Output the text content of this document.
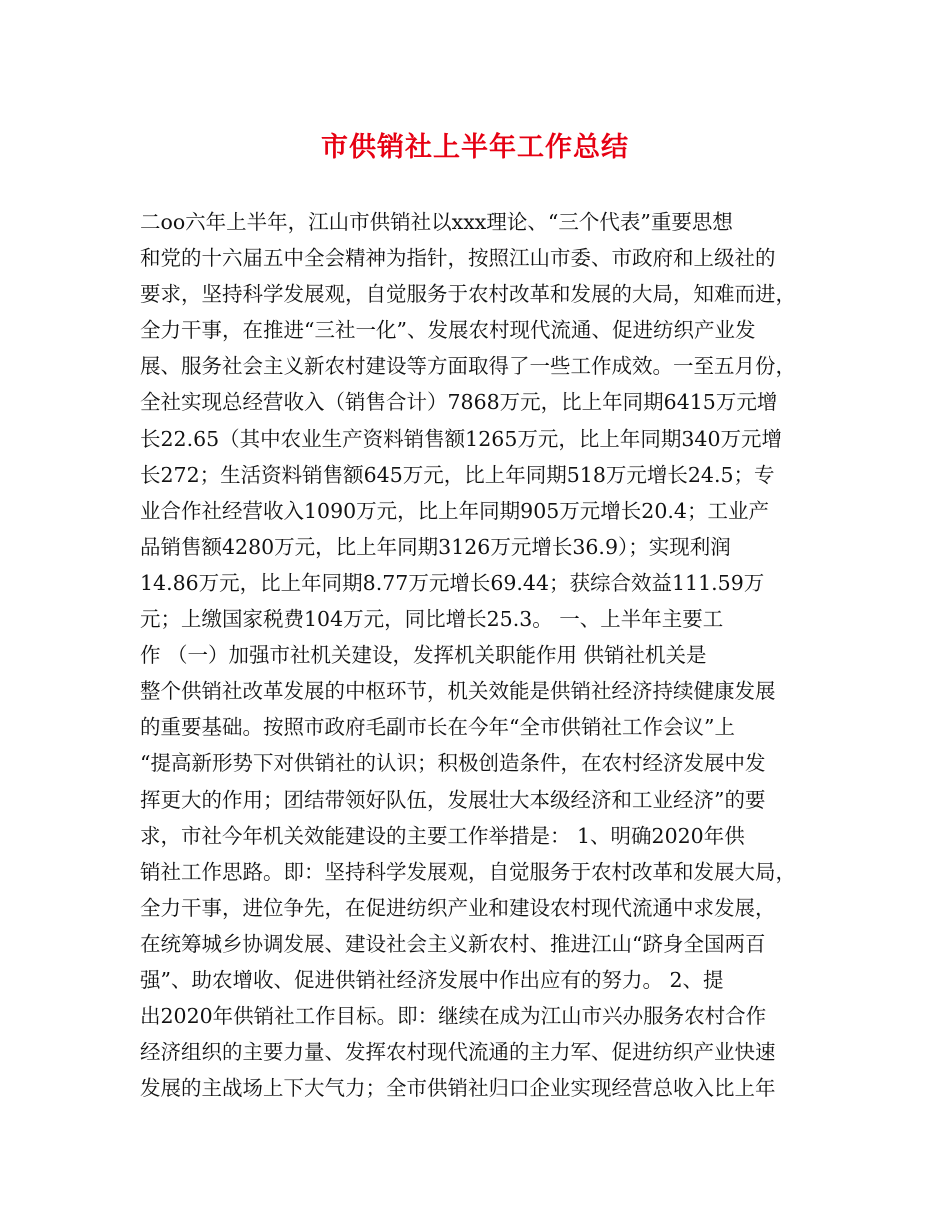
市供销社上半年工作总结
二oo六年上半年，江山市供销社以xxx理论、“三个代表”重要思想
和党的十六届五中全会精神为指针，按照江山市委、市政府和上级社的
要求，坚持科学发展观，自觉服务于农村改革和发展的大局，知难而进，
全力干事，在推进“三社一化”、发展农村现代流通、促进纺织产业发
展、服务社会主义新农村建设等方面取得了一些工作成效。一至五月份，
全社实现总经营收入（销售合计）7868万元，比上年同期6415万元增
长22.65（其中农业生产资料销售额1265万元，比上年同期340万元增
长272；生活资料销售额645万元，比上年同期518万元增长24.5；专
业合作社经营收入1090万元，比上年同期905万元增长20.4；工业产
品销售额4280万元，比上年同期3126万元增长36.9）；实现利润
14.86万元，比上年同期8.77万元增长69.44；获综合效益111.59万
元；上缴国家税费104万元，同比增长25.3。 一、上半年主要工
作 （一）加强市社机关建设，发挥机关职能作用 供销社机关是
整个供销社改革发展的中枢环节，机关效能是供销社经济持续健康发展
的重要基础。按照市政府毛副市长在今年“全市供销社工作会议”上
“提高新形势下对供销社的认识；积极创造条件，在农村经济发展中发
挥更大的作用；团结带领好队伍，发展壮大本级经济和工业经济”的要
求，市社今年机关效能建设的主要工作举措是： 1、明确2020年供
销社工作思路。即：坚持科学发展观，自觉服务于农村改革和发展大局，
全力干事，进位争先，在促进纺织产业和建设农村现代流通中求发展，
在统筹城乡协调发展、建设社会主义新农村、推进江山“跻身全国两百
强”、助农增收、促进供销社经济发展中作出应有的努力。 2、提
出2020年供销社工作目标。即：继续在成为江山市兴办服务农村合作
经济组织的主要力量、发挥农村现代流通的主力军、促进纺织产业快速
发展的主战场上下大气力；全市供销社归口企业实现经营总收入比上年
